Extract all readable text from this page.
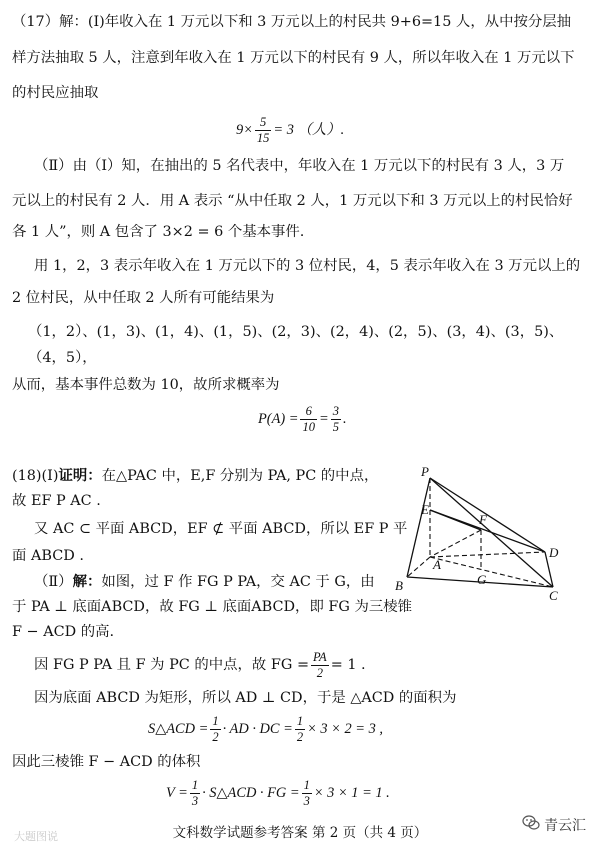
（17）解：(Ⅰ)年收入在 1 万元以下和 3 万元以上的村民共 9+6=15 人，从中按分层抽
样方法抽取 5 人，注意到年收入在 1 万元以下的村民有 9 人，所以年收入在 1 万元以下
的村民应抽取
$9\times \frac{5}{15} = 3$ （人）.
（Ⅱ）由（Ⅰ）知，在抽出的 5 名代表中，年收入在 1 万元以下的村民有 3 人，3 万
元以上的村民有 2 人．用 A 表示 “从中任取 2 人，1 万元以下和 3 万元以上的村民恰好
各 1 人”，则 A 包含了 3×2 = 6 个基本事件.
用 1，2，3 表示年收入在 1 万元以下的 3 位村民，4，5 表示年收入在 3 万元以上的
2 位村民，从中任取 2 人所有可能结果为
（1，2）、(1，3)、(1，4)、(1，5)、(2，3)、(2，4)、(2，5)、(3，4)、(3，5)、
（4，5），
从而，基本事件总数为 10，故所求概率为
$P(A) = \frac{6}{10} = \frac{3}{5}$ .
(18)(Ⅰ)证明：在△PAC 中，E,F 分别为 PA, PC 的中点，
故 EF P AC .
又 AC ⊂ 平面 ABCD，EF ⊄ 平面 ABCD，所以 EF P 平
面 ABCD .
（Ⅱ）解：如图，过 F 作 FG P PA，交 AC 于 G，由
于 PA ⊥ 底面ABCD，故 FG ⊥ 底面ABCD，即 FG 为三棱锥
F − ACD 的高.
因 FG P PA 且 F 为 PC 的中点，故 FG = $\frac{PA}{2} = 1$ .
因为底面 ABCD 为矩形，所以 AD ⊥ CD，于是 △ACD 的面积为
S△ACD = $\frac{1}{2}$ · AD · DC = $\frac{1}{2} \times 3 \times 2 = 3$ ,
因此三棱锥 F − ACD 的体积
$V = \frac{1}{3}$ · S△ACD · FG = $\frac{1}{3} \times 3 \times 1 = 1$ .
P
E
F
A
G
B
C
D
大题图说	文科数学试题参考答案 第 2 页（共 4 页）	青云汇
